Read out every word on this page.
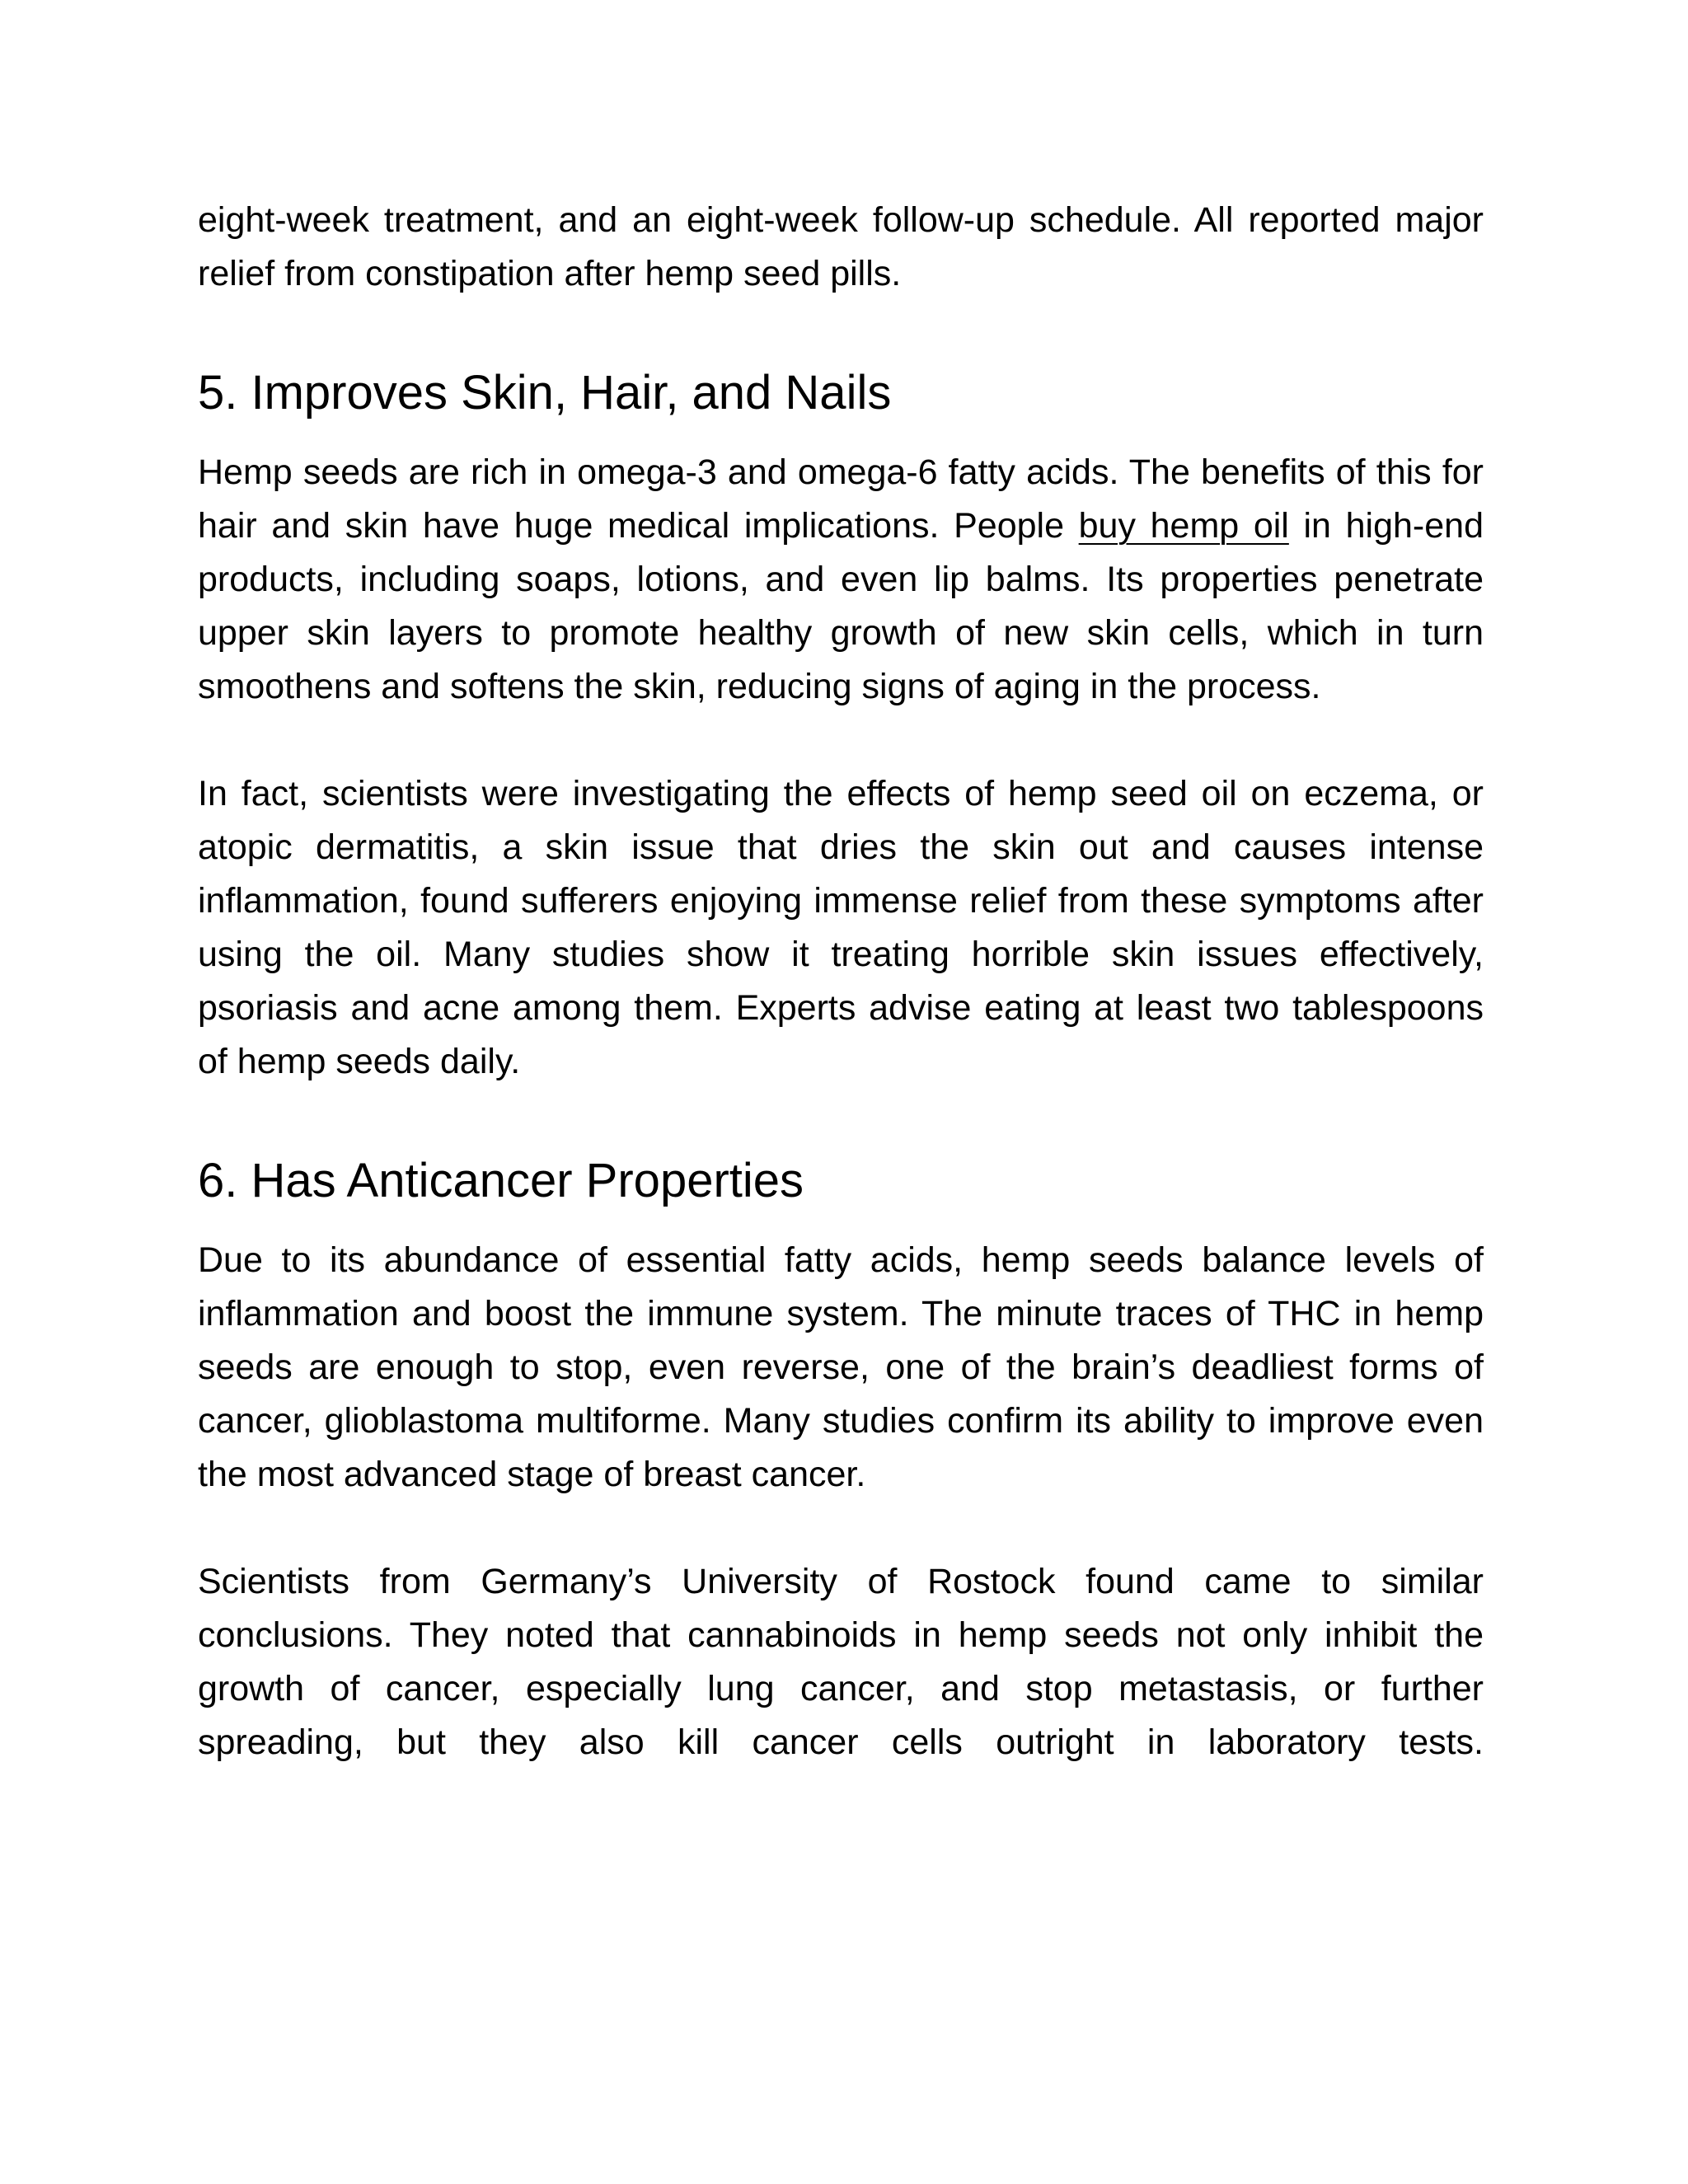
eight-week treatment, and an eight-week follow-up schedule. All reported major relief from constipation after hemp seed pills.

5. Improves Skin, Hair, and Nails

Hemp seeds are rich in omega-3 and omega-6 fatty acids. The benefits of this for hair and skin have huge medical implications. People buy hemp oil in high-end products, including soaps, lotions, and even lip balms. Its properties penetrate upper skin layers to promote healthy growth of new skin cells, which in turn smoothens and softens the skin, reducing signs of aging in the process.

In fact, scientists were investigating the effects of hemp seed oil on eczema, or atopic dermatitis, a skin issue that dries the skin out and causes intense inflammation, found sufferers enjoying immense relief from these symptoms after using the oil. Many studies show it treating horrible skin issues effectively, psoriasis and acne among them. Experts advise eating at least two tablespoons of hemp seeds daily.

6. Has Anticancer Properties

Due to its abundance of essential fatty acids, hemp seeds balance levels of inflammation and boost the immune system. The minute traces of THC in hemp seeds are enough to stop, even reverse, one of the brain’s deadliest forms of cancer, glioblastoma multiforme. Many studies confirm its ability to improve even the most advanced stage of breast cancer.

Scientists from Germany’s University of Rostock found came to similar conclusions. They noted that cannabinoids in hemp seeds not only inhibit the growth of cancer, especially lung cancer, and stop metastasis, or further spreading, but they also kill cancer cells outright in laboratory tests.
